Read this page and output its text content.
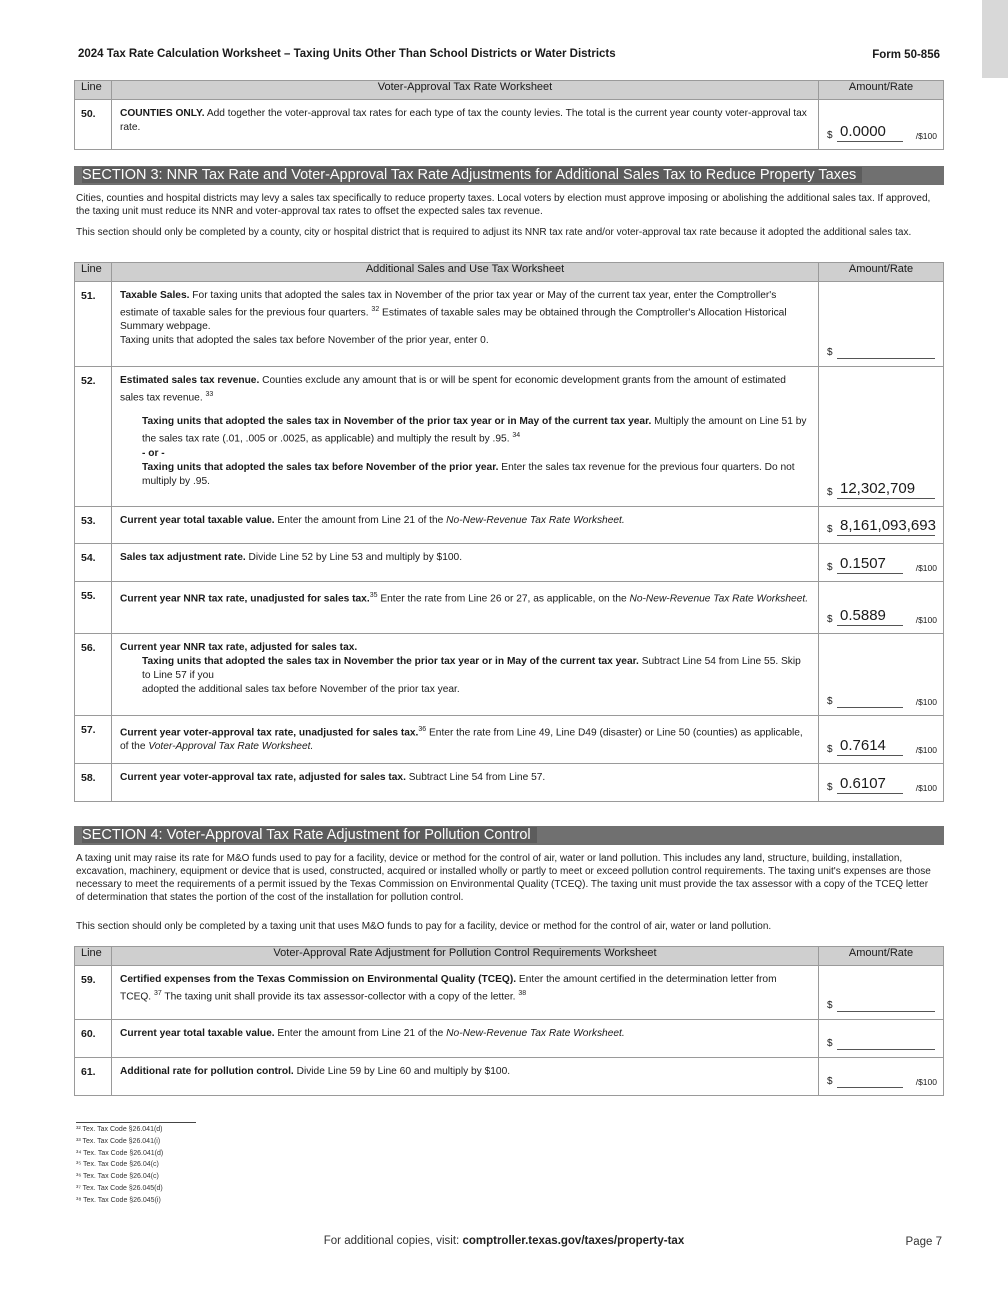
2024 Tax Rate Calculation Worksheet – Taxing Units Other Than School Districts or Water Districts	Form 50-856
Line	Voter-Approval Tax Rate Worksheet	Amount/Rate
50.	COUNTIES ONLY. Add together the voter-approval tax rates for each type of tax the county levies. The total is the current year county voter-approval tax rate.	$ 0.0000 /$100
SECTION 3: NNR Tax Rate and Voter-Approval Tax Rate Adjustments for Additional Sales Tax to Reduce Property Taxes
Cities, counties and hospital districts may levy a sales tax specifically to reduce property taxes. Local voters by election must approve imposing or abolishing the additional sales tax. If approved, the taxing unit must reduce its NNR and voter-approval tax rates to offset the expected sales tax revenue.
This section should only be completed by a county, city or hospital district that is required to adjust its NNR tax rate and/or voter-approval tax rate because it adopted the additional sales tax.
Line	Additional Sales and Use Tax Worksheet	Amount/Rate
51.	Taxable Sales. For taxing units that adopted the sales tax in November of the prior tax year or May of the current tax year, enter the Comptroller's estimate of taxable sales for the previous four quarters. $^{32}$ Estimates of taxable sales may be obtained through the Comptroller's Allocation Historical Summary webpage.
Taxing units that adopted the sales tax before November of the prior year, enter 0.	$

52.	Estimated sales tax revenue. Counties exclude any amount that is or will be spent for economic development grants from the amount of estimated sales tax revenue. $^{33}$
Taxing units that adopted the sales tax in November of the prior tax year or in May of the current tax year. Multiply the amount on Line 51 by the sales tax rate (.01, .005 or .0025, as applicable) and multiply the result by .95. $^{34}$
- or -
Taxing units that adopted the sales tax before November of the prior year. Enter the sales tax revenue for the previous four quarters. Do not multiply by .95.	$ 12,302,709

53.	Current year total taxable value. Enter the amount from Line 21 of the No-New-Revenue Tax Rate Worksheet.	$ 8,161,093,693

54.	Sales tax adjustment rate. Divide Line 52 by Line 53 and multiply by $100.	$ 0.1507 /$100

55.	Current year NNR tax rate, unadjusted for sales tax.$^{35}$ Enter the rate from Line 26 or 27, as applicable, on the No-New-Revenue Tax Rate Worksheet.	$ 0.5889 /$100

56.	Current year NNR tax rate, adjusted for sales tax.
Taxing units that adopted the sales tax in November the prior tax year or in May of the current tax year. Subtract Line 54 from Line 55. Skip to Line 57 if you
adopted the additional sales tax before November of the prior tax year.	$ /$100

57.	Current year voter-approval tax rate, unadjusted for sales tax.$^{36}$ Enter the rate from Line 49, Line D49 (disaster) or Line 50 (counties) as applicable, of the Voter-Approval Tax Rate Worksheet.	$ 0.7614 /$100

58.	Current year voter-approval tax rate, adjusted for sales tax. Subtract Line 54 from Line 57.	$ 0.6107 /$100
SECTION 4: Voter-Approval Tax Rate Adjustment for Pollution Control
A taxing unit may raise its rate for M&O funds used to pay for a facility, device or method for the control of air, water or land pollution. This includes any land, structure, building, installation, excavation, machinery, equipment or device that is used, constructed, acquired or installed wholly or partly to meet or exceed pollution control requirements. The taxing unit's expenses are those necessary to meet the requirements of a permit issued by the Texas Commission on Environmental Quality (TCEQ). The taxing unit must provide the tax assessor with a copy of the TCEQ letter of determination that states the portion of the cost of the installation for pollution control.
This section should only be completed by a taxing unit that uses M&O funds to pay for a facility, device or method for the control of air, water or land pollution.
Line	Voter-Approval Rate Adjustment for Pollution Control Requirements Worksheet	Amount/Rate
59.	Certified expenses from the Texas Commission on Environmental Quality (TCEQ). Enter the amount certified in the determination letter from TCEQ. $^{37}$ The taxing unit shall provide its tax assessor-collector with a copy of the letter. $^{38}$	$

60.	Current year total taxable value. Enter the amount from Line 21 of the No-New-Revenue Tax Rate Worksheet.	$

61.	Additional rate for pollution control. Divide Line 59 by Line 60 and multiply by $100.	$ /$100
³² Tex. Tax Code §26.041(d)
³³ Tex. Tax Code §26.041(i)
³⁴ Tex. Tax Code §26.041(d)
³⁵ Tex. Tax Code §26.04(c)
³⁶ Tex. Tax Code §26.04(c)
³⁷ Tex. Tax Code §26.045(d)
³⁸ Tex. Tax Code §26.045(i)
For additional copies, visit: comptroller.texas.gov/taxes/property-tax	Page 7
